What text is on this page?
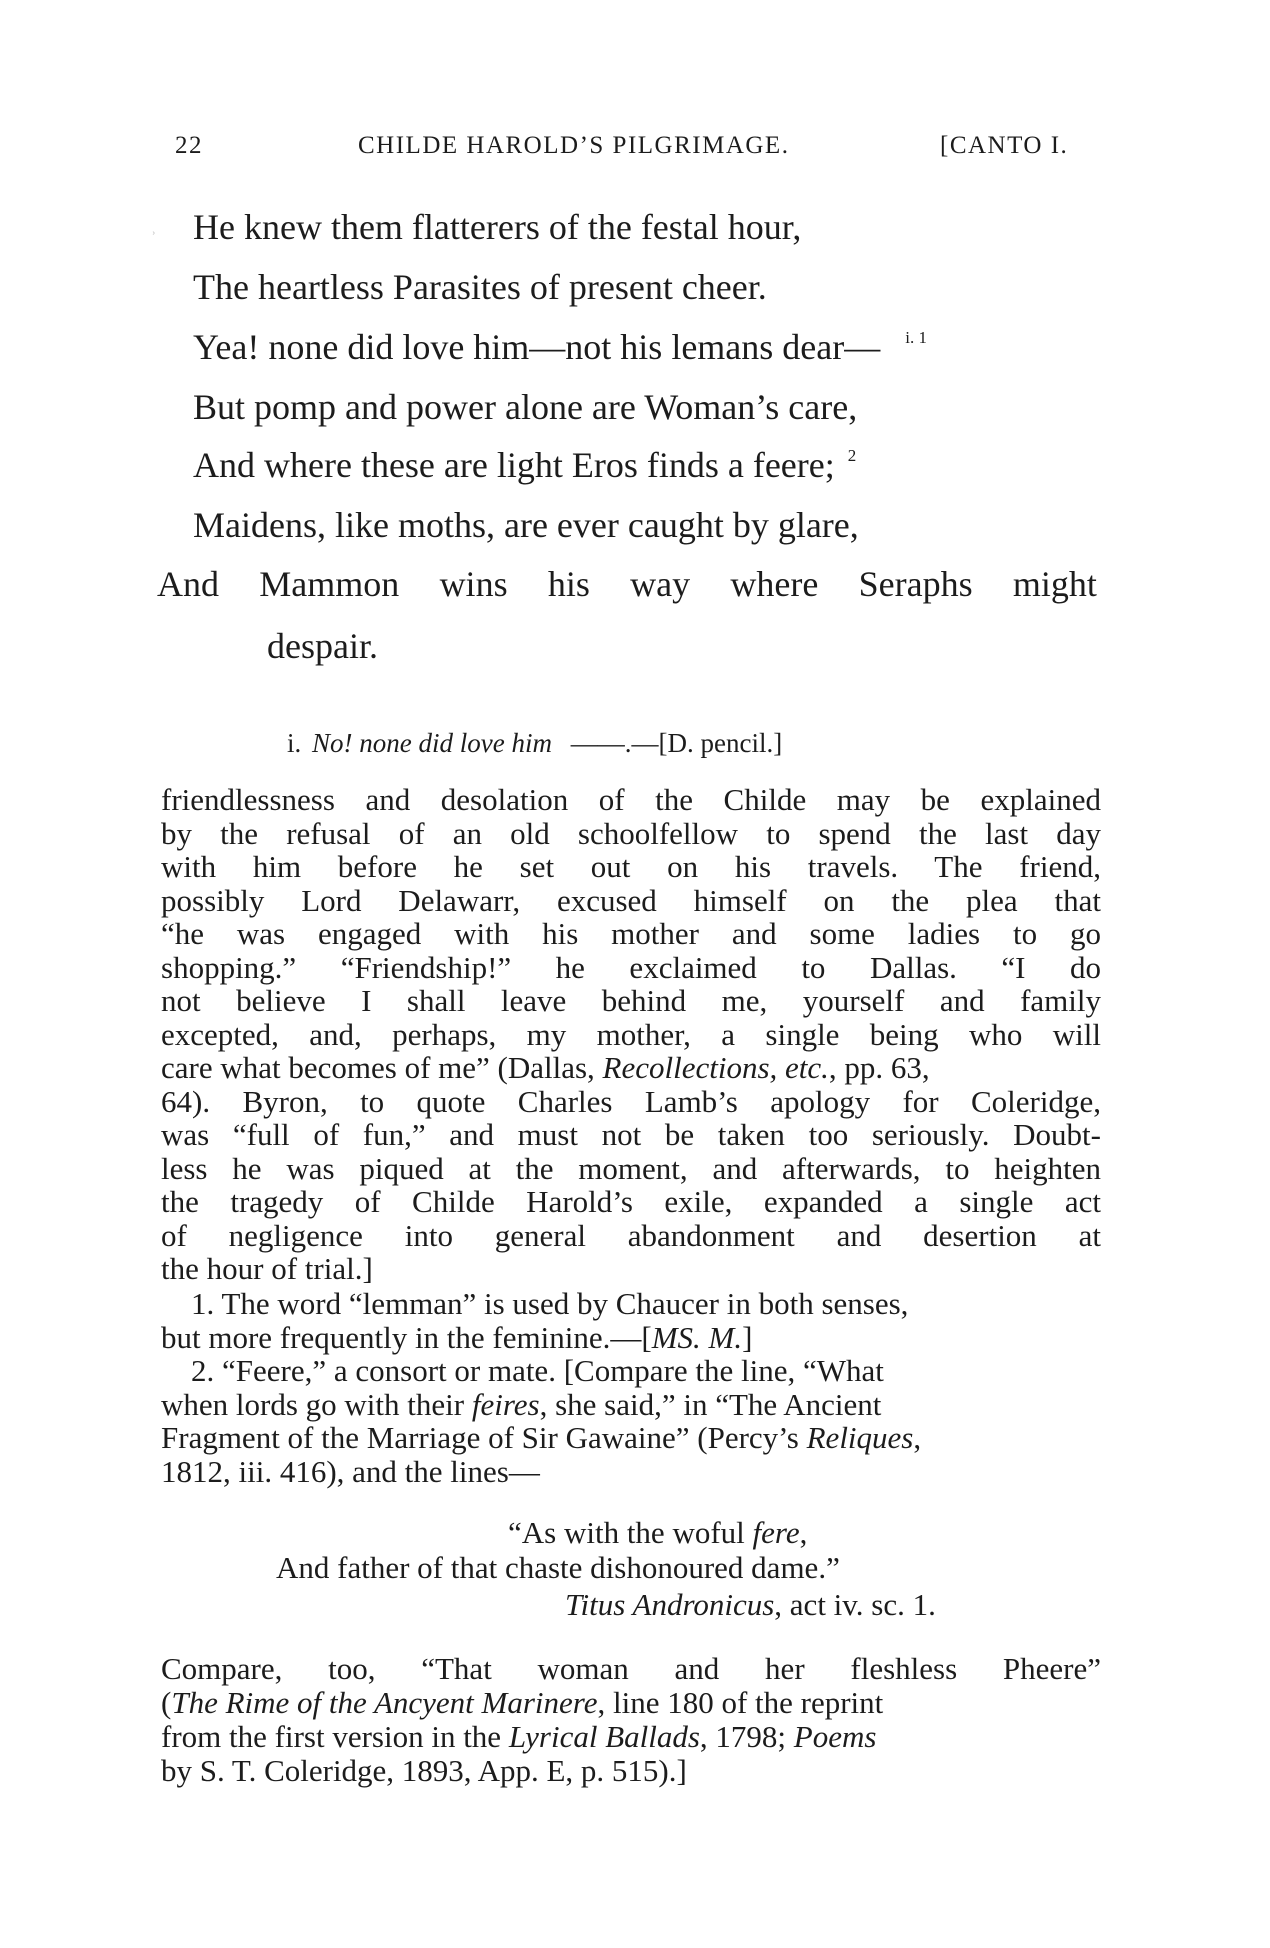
22	CHILDE HAROLD’S PILGRIMAGE.	[CANTO I.
ʾ He knew them flatterers of the festal hour,
The heartless Parasites of present cheer.
Yea! none did love him—not his lemans dear— $^{i. 1}$
But pomp and power alone are Woman’s care,
And where these are light Eros finds a feere; $^2$
Maidens, like moths, are ever caught by glare,
And Mammon wins his way where Seraphs might
despair.
i. No! none did love him ——.—[D. pencil.]
friendlessness and desolation of the Childe may be explained
by the refusal of an old schoolfellow to spend the last day
with him before he set out on his travels. The friend,
possibly Lord Delawarr, excused himself on the plea that
“he was engaged with his mother and some ladies to go
shopping.” “Friendship!” he exclaimed to Dallas. “I do
not believe I shall leave behind me, yourself and family
excepted, and, perhaps, my mother, a single being who will
care what becomes of me” (Dallas, Recollections, etc., pp. 63,
64). Byron, to quote Charles Lamb’s apology for Coleridge,
was “full of fun,” and must not be taken too seriously. Doubt-
less he was piqued at the moment, and afterwards, to heighten
the tragedy of Childe Harold’s exile, expanded a single act
of negligence into general abandonment and desertion at
the hour of trial.]
1. The word “lemman” is used by Chaucer in both senses,
but more frequently in the feminine.—[MS. M.]
2. “Feere,” a consort or mate. [Compare the line, “What
when lords go with their feires, she said,” in “The Ancient
Fragment of the Marriage of Sir Gawaine” (Percy’s Reliques,
1812, iii. 416), and the lines—
“As with the woful fere,
And father of that chaste dishonoured dame.”
Titus Andronicus, act iv. sc. 1.
Compare, too, “That woman and her fleshless Pheere”
(The Rime of the Ancyent Marinere, line 180 of the reprint
from the first version in the Lyrical Ballads, 1798; Poems
by S. T. Coleridge, 1893, App. E, p. 515).]
